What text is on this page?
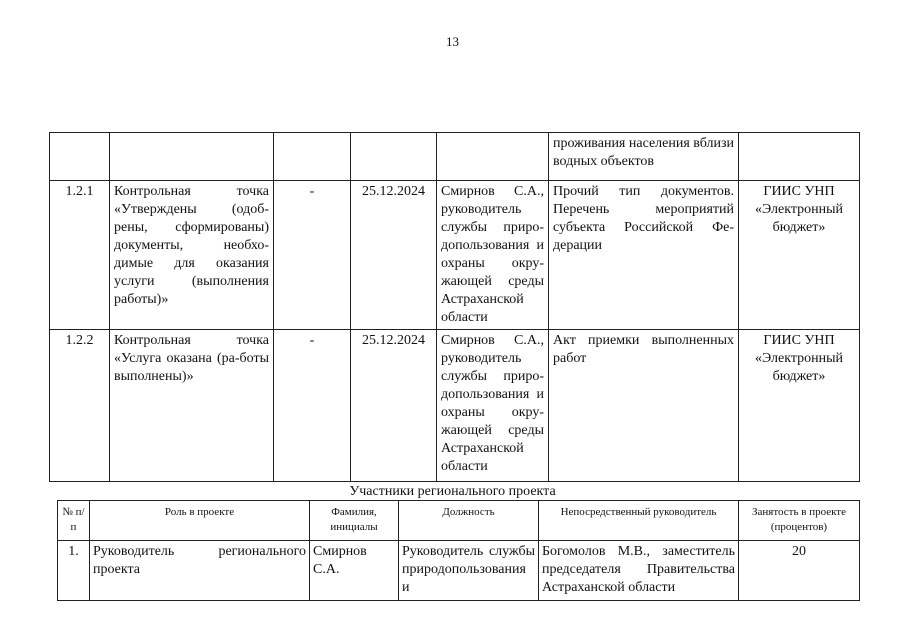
13
					проживания населения вблизи водных объектов	
1.2.1	Контрольная точка «Утверждены (одоб-рены, сформированы) документы, необхо-димые для оказания услуги (выполнения работы)»	-	25.12.2024	Смирнов С.А., руководитель службы приро-допользования и охраны окру-жающей среды Астраханской области	Прочий тип документов. Перечень мероприятий субъекта Российской Фе-дерации	ГИИС УНП «Электронный бюджет»
1.2.2	Контрольная точка «Услуга оказана (ра-боты выполнены)»	-	25.12.2024	Смирнов С.А., руководитель службы приро-допользования и охраны окру-жающей среды Астраханской области	Акт приемки выполненных работ	ГИИС УНП «Электронный бюджет»
Участники регионального проекта
№ п/п	Роль в проекте	Фамилия, инициалы	Должность	Непосредственный руководитель	Занятость в проекте (процентов)
1.	Руководитель регионального проекта	Смирнов С.А.	Руководитель службы природопользования и	Богомолов М.В., заместитель председателя Правительства Астраханской области	20
